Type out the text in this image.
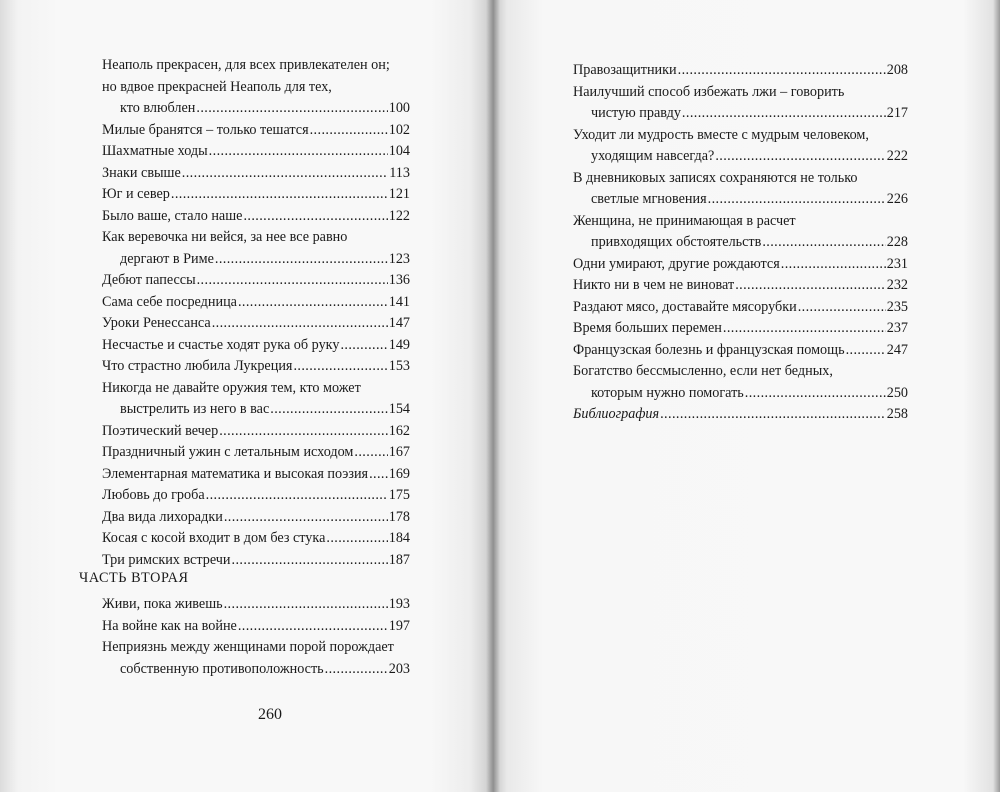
Неаполь прекрасен, для всех привлекателен он;
но вдвое прекрасней Неаполь для тех,
кто влюблен .....	100
Милые бранятся – только тешатся .....	102
Шахматные ходы .....	104
Знаки свыше .....	113
Юг и север .....	121
Было ваше, стало наше .....	122
Как веревочка ни вейся, за нее все равно
дергают в Риме .....	123
Дебют папессы .....	136
Сама себе посредница .....	141
Уроки Ренессанса .....	147
Несчастье и счастье ходят рука об руку .....	149
Что страстно любила Лукреция .....	153
Никогда не давайте оружия тем, кто может
выстрелить из него в вас .....	154
Поэтический вечер .....	162
Праздничный ужин с летальным исходом ..... 167
Элементарная математика и высокая поэзия ..... 169
Любовь до гроба .....	175
Два вида лихорадки .....	178
Косая с косой входит в дом без стука .....	184
Три римских встречи .....	187
ЧАСТЬ ВТОРАЯ
Живи, пока живешь .....	193
На войне как на войне .....	197
Неприязнь между женщинами порой порождает
собственную противоположность .....	203
260
Правозащитники .....	208
Наилучший способ избежать лжи – говорить
чистую правду .....	217
Уходит ли мудрость вместе с мудрым человеком,
уходящим навсегда? .....	222
В дневниковых записях сохраняются не только
светлые мгновения .....	226
Женщина, не принимающая в расчет
привходящих обстоятельств .....	228
Одни умирают, другие рождаются .....	231
Никто ни в чем не виноват .....	232
Раздают мясо, доставайте мясорубки .....	235
Время больших перемен .....	237
Французская болезнь и французская помощь .....	247
Богатство бессмысленно, если нет бедных,
которым нужно помогать .....	250
Библиография .....	258
